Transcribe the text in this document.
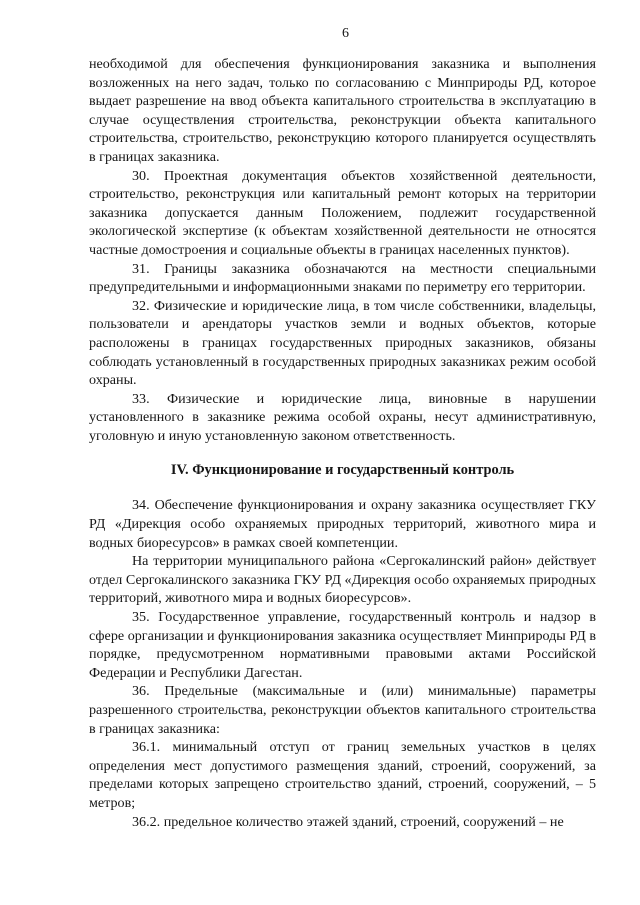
6

необходимой для обеспечения функционирования заказника и выполнения возложенных на него задач, только по согласованию с Минприроды РД, которое выдает разрешение на ввод объекта капитального строительства в эксплуатацию в случае осуществления строительства, реконструкции объекта капитального строительства, строительство, реконструкцию которого планируется осуществлять в границах заказника.

30. Проектная документация объектов хозяйственной деятельности, строительство, реконструкция или капитальный ремонт которых на территории заказника допускается данным Положением, подлежит государственной экологической экспертизе (к объектам хозяйственной деятельности не относятся частные домостроения и социальные объекты в границах населенных пунктов).

31. Границы заказника обозначаются на местности специальными предупредительными и информационными знаками по периметру его территории.

32. Физические и юридические лица, в том числе собственники, владельцы, пользователи и арендаторы участков земли и водных объектов, которые расположены в границах государственных природных заказников, обязаны соблюдать установленный в государственных природных заказниках режим особой охраны.

33. Физические и юридические лица, виновные в нарушении установленного в заказнике режима особой охраны, несут административную, уголовную и иную установленную законом ответственность.

IV. Функционирование и государственный контроль

34. Обеспечение функционирования и охрану заказника осуществляет ГКУ РД «Дирекция особо охраняемых природных территорий, животного мира и водных биоресурсов» в рамках своей компетенции.

На территории муниципального района «Сергокалинский район» действует отдел Сергокалинского заказника ГКУ РД «Дирекция особо охраняемых природных территорий, животного мира и водных биоресурсов».

35. Государственное управление, государственный контроль и надзор в сфере организации и функционирования заказника осуществляет Минприроды РД в порядке, предусмотренном нормативными правовыми актами Российской Федерации и Республики Дагестан.

36. Предельные (максимальные и (или) минимальные) параметры разрешенного строительства, реконструкции объектов капитального строительства в границах заказника:

36.1. минимальный отступ от границ земельных участков в целях определения мест допустимого размещения зданий, строений, сооружений, за пределами которых запрещено строительство зданий, строений, сооружений, – 5 метров;

36.2. предельное количество этажей зданий, строений, сооружений – не
